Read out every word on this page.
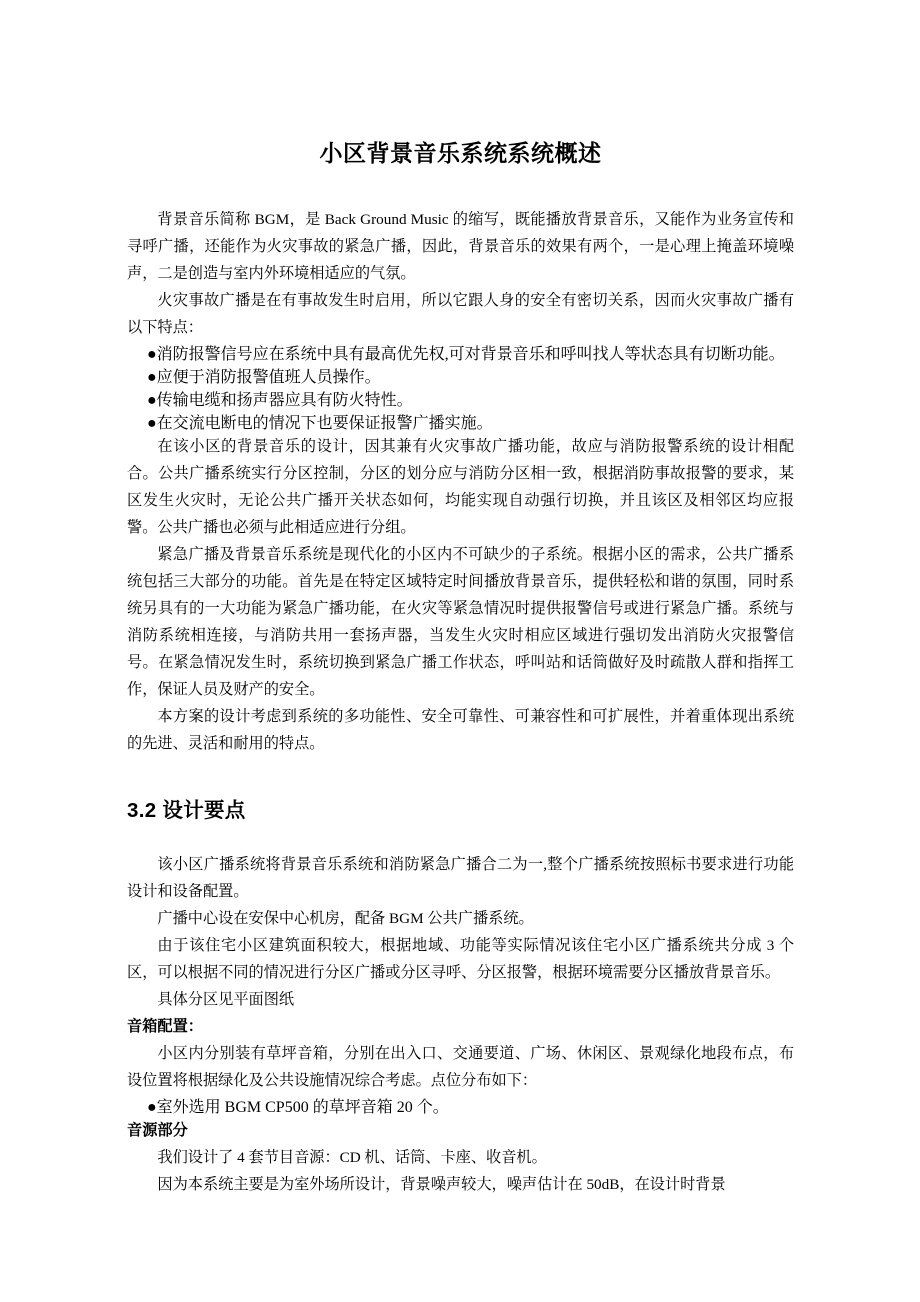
小区背景音乐系统系统概述

背景音乐简称 BGM，是 Back Ground Music 的缩写，既能播放背景音乐，又能作为业务宣传和寻呼广播，还能作为火灾事故的紧急广播，因此，背景音乐的效果有两个，一是心理上掩盖环境噪声，二是创造与室内外环境相适应的气氛。

火灾事故广播是在有事故发生时启用，所以它跟人身的安全有密切关系，因而火灾事故广播有以下特点：

●消防报警信号应在系统中具有最高优先权,可对背景音乐和呼叫找人等状态具有切断功能。

●应便于消防报警值班人员操作。

●传输电缆和扬声器应具有防火特性。

●在交流电断电的情况下也要保证报警广播实施。

在该小区的背景音乐的设计，因其兼有火灾事故广播功能，故应与消防报警系统的设计相配合。公共广播系统实行分区控制，分区的划分应与消防分区相一致，根据消防事故报警的要求，某区发生火灾时，无论公共广播开关状态如何，均能实现自动强行切换，并且该区及相邻区均应报警。公共广播也必须与此相适应进行分组。

紧急广播及背景音乐系统是现代化的小区内不可缺少的子系统。根据小区的需求，公共广播系统包括三大部分的功能。首先是在特定区域特定时间播放背景音乐，提供轻松和谐的氛围，同时系统另具有的一大功能为紧急广播功能，在火灾等紧急情况时提供报警信号或进行紧急广播。系统与消防系统相连接，与消防共用一套扬声器，当发生火灾时相应区域进行强切发出消防火灾报警信号。在紧急情况发生时，系统切换到紧急广播工作状态，呼叫站和话筒做好及时疏散人群和指挥工作，保证人员及财产的安全。

本方案的设计考虑到系统的多功能性、安全可靠性、可兼容性和可扩展性，并着重体现出系统的先进、灵活和耐用的特点。

3.2 设计要点

该小区广播系统将背景音乐系统和消防紧急广播合二为一,整个广播系统按照标书要求进行功能设计和设备配置。

广播中心设在安保中心机房，配备 BGM 公共广播系统。

由于该住宅小区建筑面积较大，根据地域、功能等实际情况该住宅小区广播系统共分成 3 个区，可以根据不同的情况进行分区广播或分区寻呼、分区报警，根据环境需要分区播放背景音乐。

具体分区见平面图纸

音箱配置：

小区内分别装有草坪音箱，分别在出入口、交通要道、广场、休闲区、景观绿化地段布点，布设位置将根据绿化及公共设施情况综合考虑。点位分布如下：

●室外选用 BGM CP500 的草坪音箱 20 个。

音源部分

我们设计了 4 套节目音源：CD 机、话筒、卡座、收音机。

因为本系统主要是为室外场所设计，背景噪声较大，噪声估计在 50dB，在设计时背景
